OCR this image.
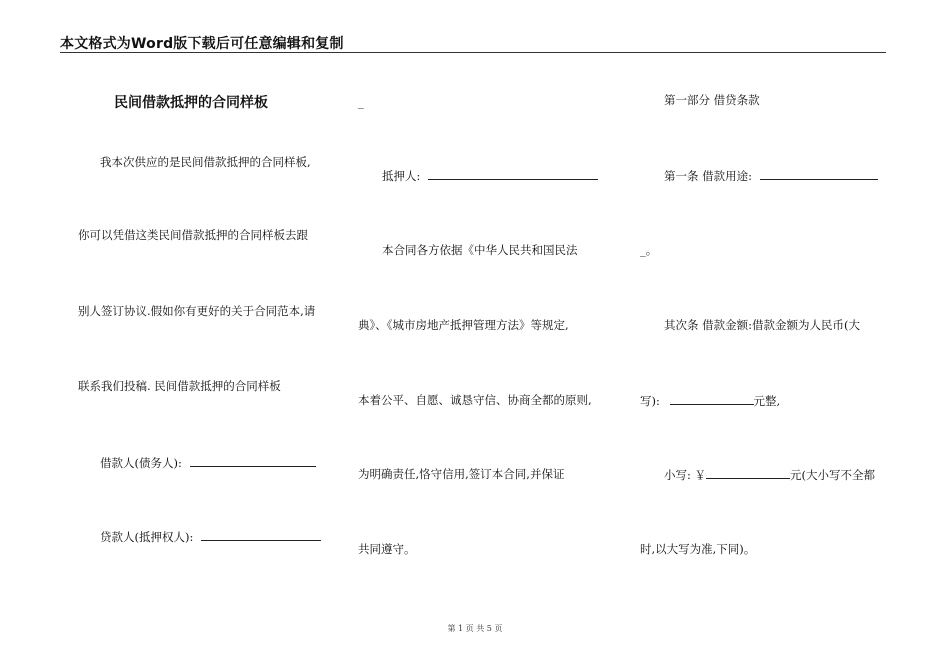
本文格式为Word版下载后可任意编辑和复制
民间借款抵押的合同样板
我本次供应的是民间借款抵押的合同样板,
你可以凭借这类民间借款抵押的合同样板去跟
别人签订协议.假如你有更好的关于合同范本,请
联系我们投稿. 民间借款抵押的合同样板
借款人(债务人):
贷款人(抵押权人):
_
抵押人:
本合同各方依据《中华人民共和国民法
典》、《城市房地产抵押管理方法》等规定,
本着公平、自愿、诚恳守信、协商全都的原则,
为明确责任,恪守信用,签订本合同,并保证
共同遵守。
第一部分 借贷条款
第一条 借款用途:
_。
其次条 借款金额:借款金额为人民币(大
写):	元整,
小写: ￥	元(大小写不全都
时,以大写为准,下同)。
第 1 页 共 5 页
